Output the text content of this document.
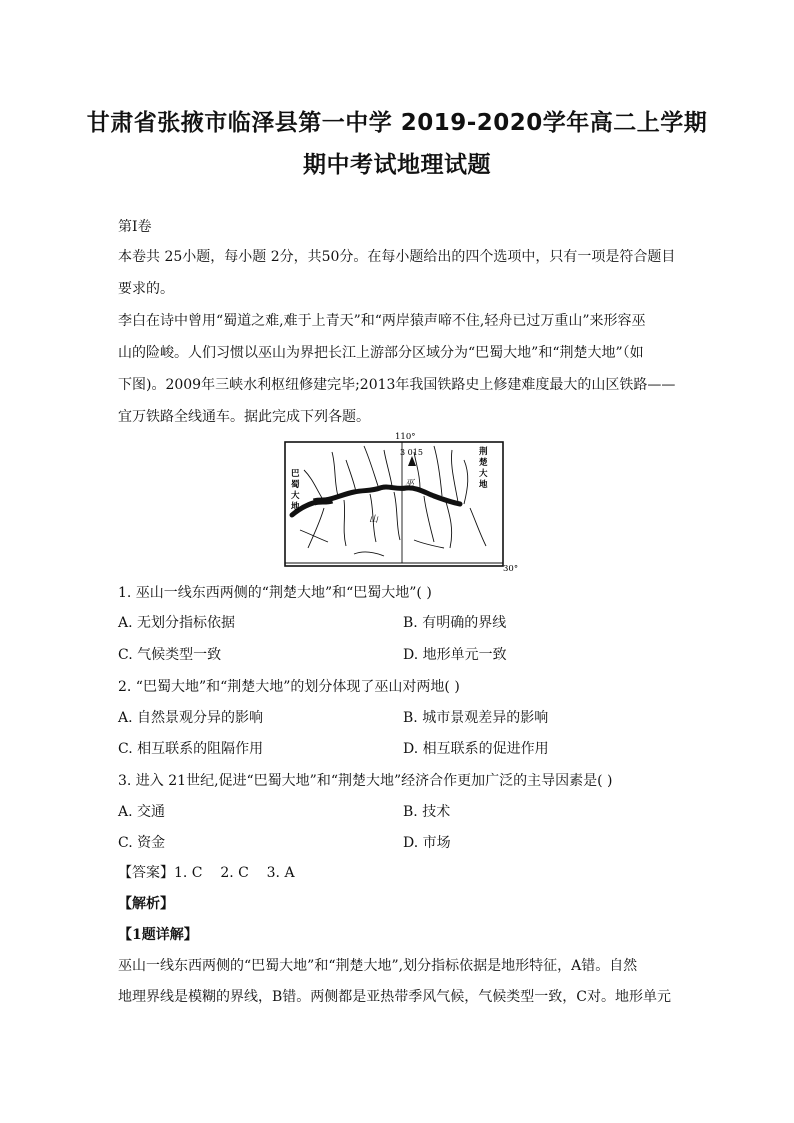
甘肃省张掖市临泽县第一中学 2019-2020学年高二上学期
期中考试地理试题
第Ⅰ卷
本卷共 25小题，每小题 2分，共50分。在每小题给出的四个选项中，只有一项是符合题目
要求的。
李白在诗中曾用“蜀道之难,难于上青天”和“两岸猿声啼不住,轻舟已过万重山”来形容巫
山的险峻。人们习惯以巫山为界把长江上游部分区域分为“巴蜀大地”和“荆楚大地”（如
下图)。2009年三峡水利枢纽修建完毕;2013年我国铁路史上修建难度最大的山区铁路——
宜万铁路全线通车。据此完成下列各题。
110°
30°
3 015
巴
蜀
大
地
荆
楚
大
地
巫
山
1. 巫山一线东西两侧的“荆楚大地”和“巴蜀大地”( )
A. 无划分指标依据	B. 有明确的界线
C. 气候类型一致	D. 地形单元一致
2. “巴蜀大地”和“荆楚大地”的划分体现了巫山对两地( )
A. 自然景观分异的影响	B. 城市景观差异的影响
C. 相互联系的阻隔作用	D. 相互联系的促进作用
3. 进入 21世纪,促进“巴蜀大地”和“荆楚大地”经济合作更加广泛的主导因素是( )
A. 交通	B. 技术
C. 资金	D. 市场
【答案】1. C    2. C    3. A
【解析】
【1题详解】
巫山一线东西两侧的“巴蜀大地”和“荆楚大地”,划分指标依据是地形特征，A错。自然
地理界线是模糊的界线，B错。两侧都是亚热带季风气候，气候类型一致，C对。地形单元
